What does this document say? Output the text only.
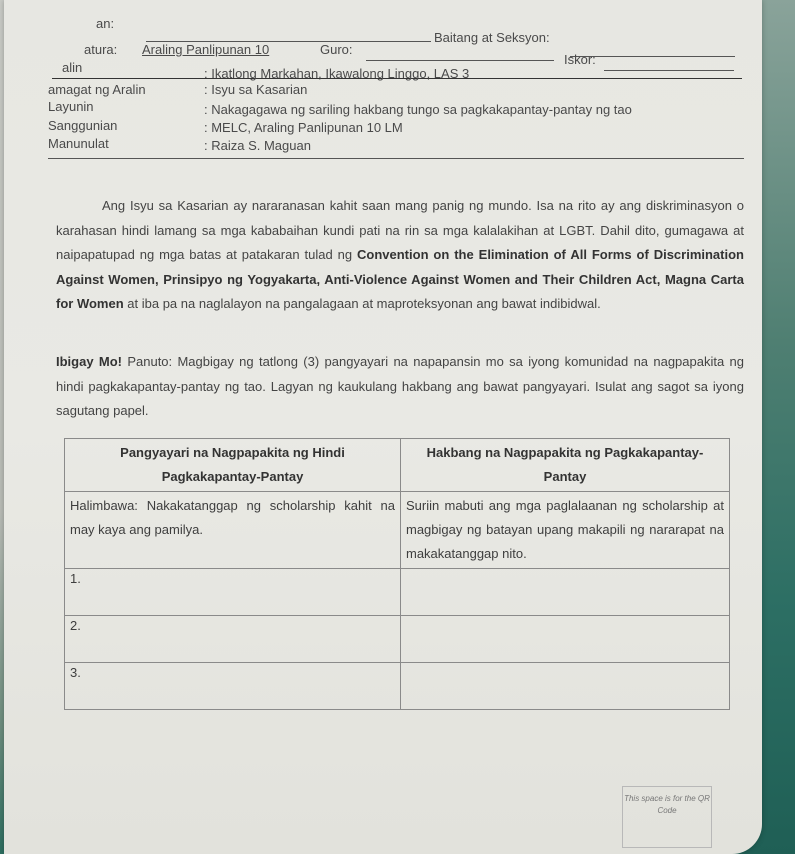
an:
Baitang at Seksyon:
atura: Araling Panlipunan 10	Guro:
Iskor:
alin	: Ikatlong Markahan, Ikawalong Linggo, LAS 3
amagat ng Aralin	: Isyu sa Kasarian
Layunin	: Nakagagawa ng sariling hakbang tungo sa pagkakapantay-pantay ng tao
Sanggunian	: MELC, Araling Panlipunan 10 LM
Manunulat	: Raiza S. Maguan
Ang Isyu sa Kasarian ay nararanasan kahit saan mang panig ng mundo. Isa na rito ay ang diskriminasyon o karahasan hindi lamang sa mga kababaihan kundi pati na rin sa mga kalalakihan at LGBT. Dahil dito, gumagawa at naipapatupad ng mga batas at patakaran tulad ng Convention on the Elimination of All Forms of Discrimination Against Women, Prinsipyo ng Yogyakarta, Anti-Violence Against Women and Their Children Act, Magna Carta for Women at iba pa na naglalayon na pangalagaan at maproteksyonan ang bawat indibidwal.
Ibigay Mo! Panuto: Magbigay ng tatlong (3) pangyayari na napapansin mo sa iyong komunidad na nagpapakita ng hindi pagkakapantay-pantay ng tao. Lagyan ng kaukulang hakbang ang bawat pangyayari. Isulat ang sagot sa iyong sagutang papel.
Pangyayari na Nagpapakita ng Hindi Pagkakapantay-Pantay	Hakbang na Nagpapakita ng Pagkakapantay-Pantay
Halimbawa: Nakakatanggap ng scholarship kahit na may kaya ang pamilya.	Suriin mabuti ang mga paglalaanan ng scholarship at magbigay ng batayan upang makapili ng nararapat na makakatanggap nito.
1.	
2.	
3.	
This space is for the QR Code
